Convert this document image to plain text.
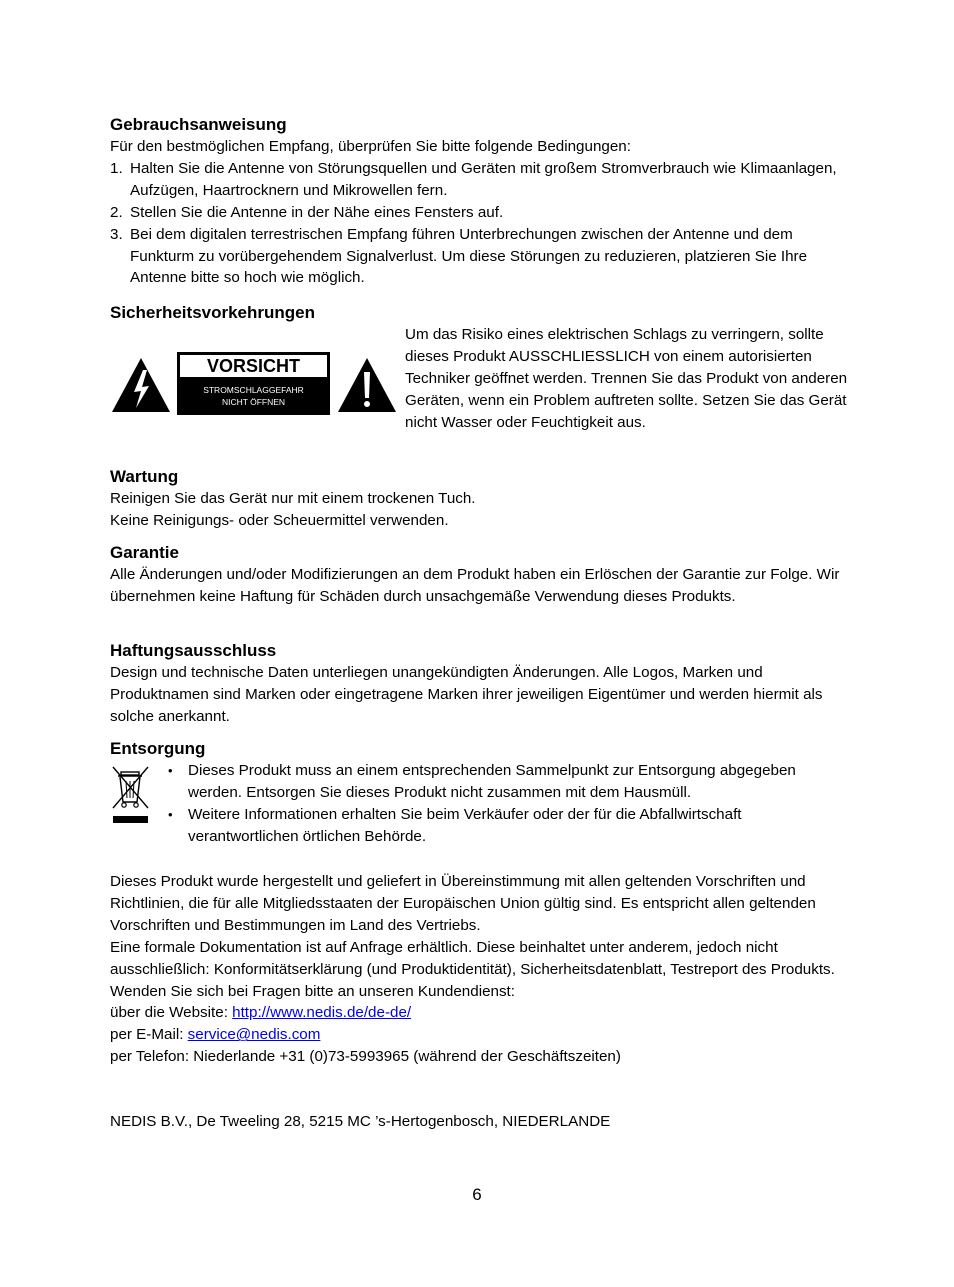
Gebrauchsanweisung

Für den bestmöglichen Empfang, überprüfen Sie bitte folgende Bedingungen:

1. Halten Sie die Antenne von Störungsquellen und Geräten mit großem Stromverbrauch wie Klimaanlagen, Aufzügen, Haartrocknern und Mikrowellen fern.
2. Stellen Sie die Antenne in der Nähe eines Fensters auf.
3. Bei dem digitalen terrestrischen Empfang führen Unterbrechungen zwischen der Antenne und dem Funkturm zu vorübergehendem Signalverlust. Um diese Störungen zu reduzieren, platzieren Sie Ihre Antenne bitte so hoch wie möglich.
Sicherheitsvorkehrungen
VORSICHT
STROMSCHLAGGEFAHR
NICHT ÖFFNEN

Um das Risiko eines elektrischen Schlags zu verringern, sollte dieses Produkt AUSSCHLIESSLICH von einem autorisierten Techniker geöffnet werden. Trennen Sie das Produkt von anderen Geräten, wenn ein Problem auftreten sollte. Setzen Sie das Gerät nicht Wasser oder Feuchtigkeit aus.

Wartung

Reinigen Sie das Gerät nur mit einem trockenen Tuch.

Keine Reinigungs- oder Scheuermittel verwenden.

Garantie

Alle Änderungen und/oder Modifizierungen an dem Produkt haben ein Erlöschen der Garantie zur Folge. Wir übernehmen keine Haftung für Schäden durch unsachgemäße Verwendung dieses Produkts.

Haftungsausschluss

Design und technische Daten unterliegen unangekündigten Änderungen. Alle Logos, Marken und Produktnamen sind Marken oder eingetragene Marken ihrer jeweiligen Eigentümer und werden hiermit als solche anerkannt.

Entsorgung
• Dieses Produkt muss an einem entsprechenden Sammelpunkt zur Entsorgung abgegeben werden. Entsorgen Sie dieses Produkt nicht zusammen mit dem Hausmüll.
• Weitere Informationen erhalten Sie beim Verkäufer oder der für die Abfallwirtschaft verantwortlichen örtlichen Behörde.

Dieses Produkt wurde hergestellt und geliefert in Übereinstimmung mit allen geltenden Vorschriften und Richtlinien, die für alle Mitgliedsstaaten der Europäischen Union gültig sind. Es entspricht allen geltenden Vorschriften und Bestimmungen im Land des Vertriebs.

Eine formale Dokumentation ist auf Anfrage erhältlich. Diese beinhaltet unter anderem, jedoch nicht ausschließlich: Konformitätserklärung (und Produktidentität), Sicherheitsdatenblatt, Testreport des Produkts.

Wenden Sie sich bei Fragen bitte an unseren Kundendienst:

über die Website: http://www.nedis.de/de-de/

per E-Mail: service@nedis.com

per Telefon: Niederlande +31 (0)73-5993965 (während der Geschäftszeiten)

NEDIS B.V., De Tweeling 28, 5215 MC ’s-Hertogenbosch, NIEDERLANDE

6
